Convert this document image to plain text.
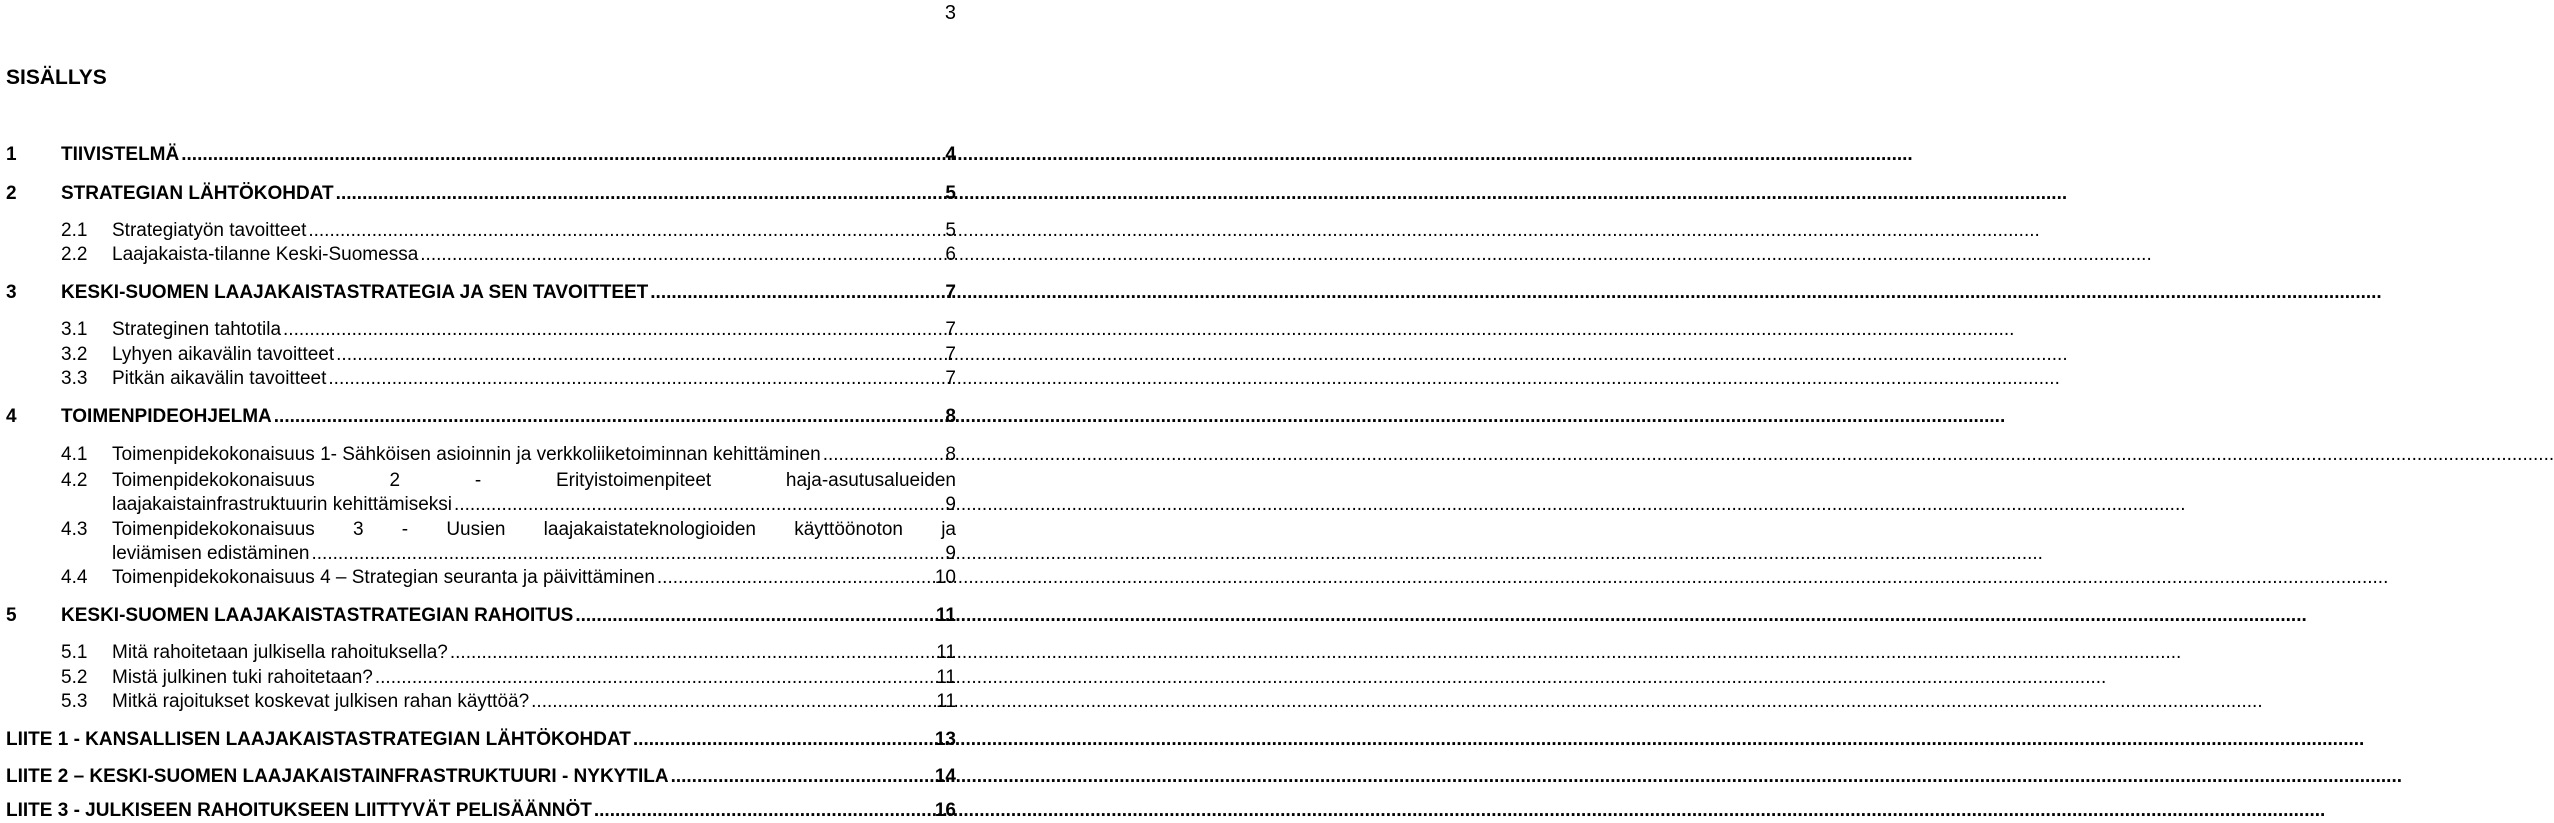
3
SISÄLLYS
1	TIIVISTELMÄ .....	4
2	STRATEGIAN LÄHTÖKOHDAT .....	5
2.1	Strategiatyön tavoitteet .....	5
2.2	Laajakaista-tilanne Keski-Suomessa .....	6
3	KESKI-SUOMEN LAAJAKAISTASTRATEGIA JA SEN TAVOITTEET .....	7
3.1	Strateginen tahtotila .....	7
3.2	Lyhyen aikavälin tavoitteet .....	7
3.3	Pitkän aikavälin tavoitteet .....	7
4	TOIMENPIDEOHJELMA .....	8
4.1	Toimenpidekokonaisuus 1- Sähköisen asioinnin ja verkkoliiketoiminnan kehittäminen .....	8
4.2	Toimenpidekokonaisuus 2 - Erityistoimenpiteet haja-asutusalueiden
laajakaistainfrastruktuurin kehittämiseksi .....	9
4.3	Toimenpidekokonaisuus 3 - Uusien laajakaistateknologioiden käyttöönoton ja
leviämisen edistäminen .....	9
4.4	Toimenpidekokonaisuus 4 – Strategian seuranta ja päivittäminen .....	10
5	KESKI-SUOMEN LAAJAKAISTASTRATEGIAN RAHOITUS .....	11
5.1	Mitä rahoitetaan julkisella rahoituksella? .....	11
5.2	Mistä julkinen tuki rahoitetaan? .....	11
5.3	Mitkä rajoitukset koskevat julkisen rahan käyttöä? .....	11
LIITE 1 - KANSALLISEN LAAJAKAISTASTRATEGIAN LÄHTÖKOHDAT .....	13
LIITE 2 – KESKI-SUOMEN LAAJAKAISTAINFRASTRUKTUURI - NYKYTILA .....	14
LIITE 3 - JULKISEEN RAHOITUKSEEN LIITTYVÄT PELISÄÄNNÖT .....	16
